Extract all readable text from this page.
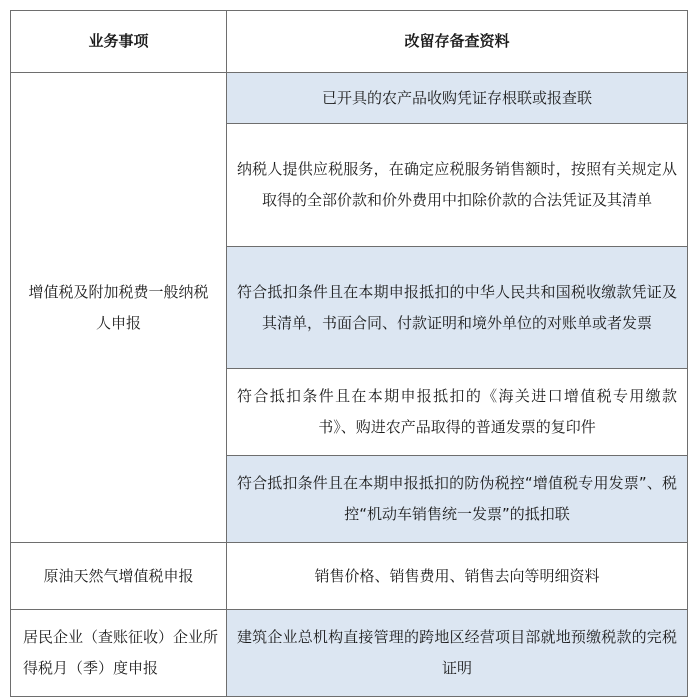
业务事项	改留存备查资料
增值税及附加税费一般纳税人申报	已开具的农产品收购凭证存根联或报查联
	纳税人提供应税服务，在确定应税服务销售额时，按照有关规定从取得的全部价款和价外费用中扣除价款的合法凭证及其清单
	符合抵扣条件且在本期申报抵扣的中华人民共和国税收缴款凭证及其清单，书面合同、付款证明和境外单位的对账单或者发票
	符合抵扣条件且在本期申报抵扣的《海关进口增值税专用缴款书》、购进农产品取得的普通发票的复印件
	符合抵扣条件且在本期申报抵扣的防伪税控“增值税专用发票”、税控“机动车销售统一发票”的抵扣联
原油天然气增值税申报	销售价格、销售费用、销售去向等明细资料
居民企业（查账征收）企业所得税月（季）度申报	建筑企业总机构直接管理的跨地区经营项目部就地预缴税款的完税证明
